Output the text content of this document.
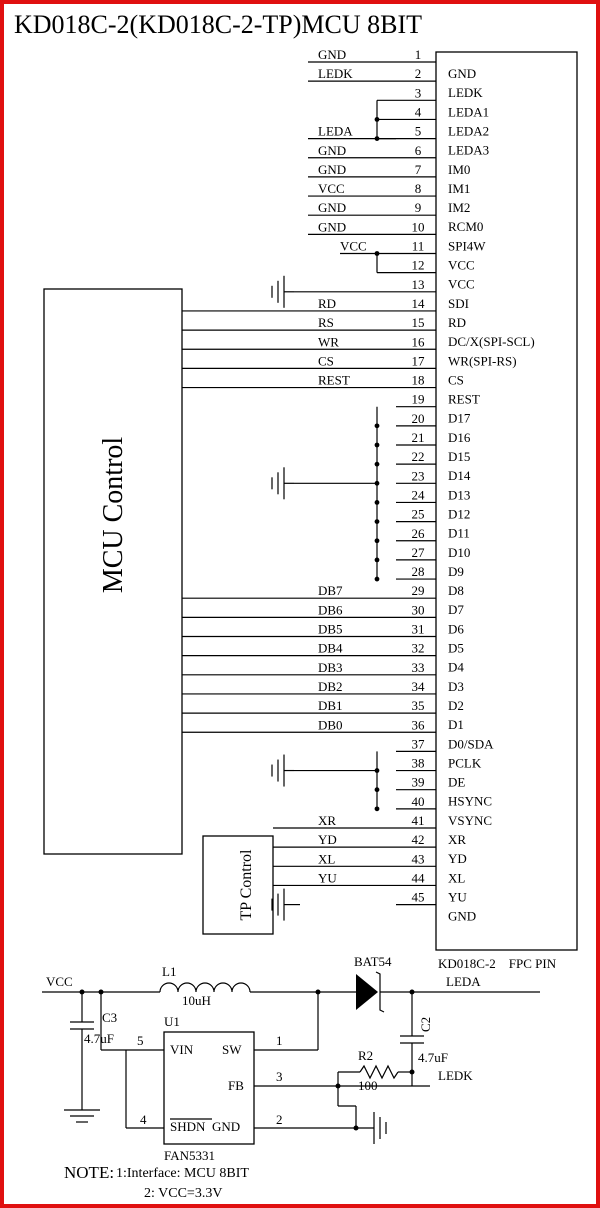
KD018C-2(KD018C-2-TP)MCU 8BIT
KD018C-2    FPC PIN
MCU Control
TP Control
1
GND
GND
2
LEDK
LEDK
3
LEDA1
4
LEDA2
5
LEDA3
LEDA
6
IM0
GND
7
IM1
GND
8
IM2
VCC
9
RCM0
GND
10
SPI4W
GND
11
VCC
VCC
12
VCC
13
SDI
14
RD
RD
15
DC/X(SPI-SCL)
RS
16
WR(SPI-RS)
WR
17
CS
CS
18
REST
REST
19
D17
20
D16
21
D15
22
D14
23
D13
24
D12
25
D11
26
D10
27
D9
28
D8
29
D7
DB7
30
D6
DB6
31
D5
DB5
32
D4
DB4
33
D3
DB3
34
D2
DB2
35
D1
DB1
36
D0/SDA
DB0
37
PCLK
38
DE
39
HSYNC
40
VSYNC
41
XR
XR
42
YD
YD
43
XL
XL
44
YU
YU
45
GND
VCC
L1
10uH
BAT54
LEDA
C2
4.7uF
C3
4.7uF 5
U1
VIN SW
FB
SHDN GND
FAN5331
4
1
3
R2
100
LEDK
2
NOTE: 1:Interface: MCU 8BIT
2: VCC=3.3V
